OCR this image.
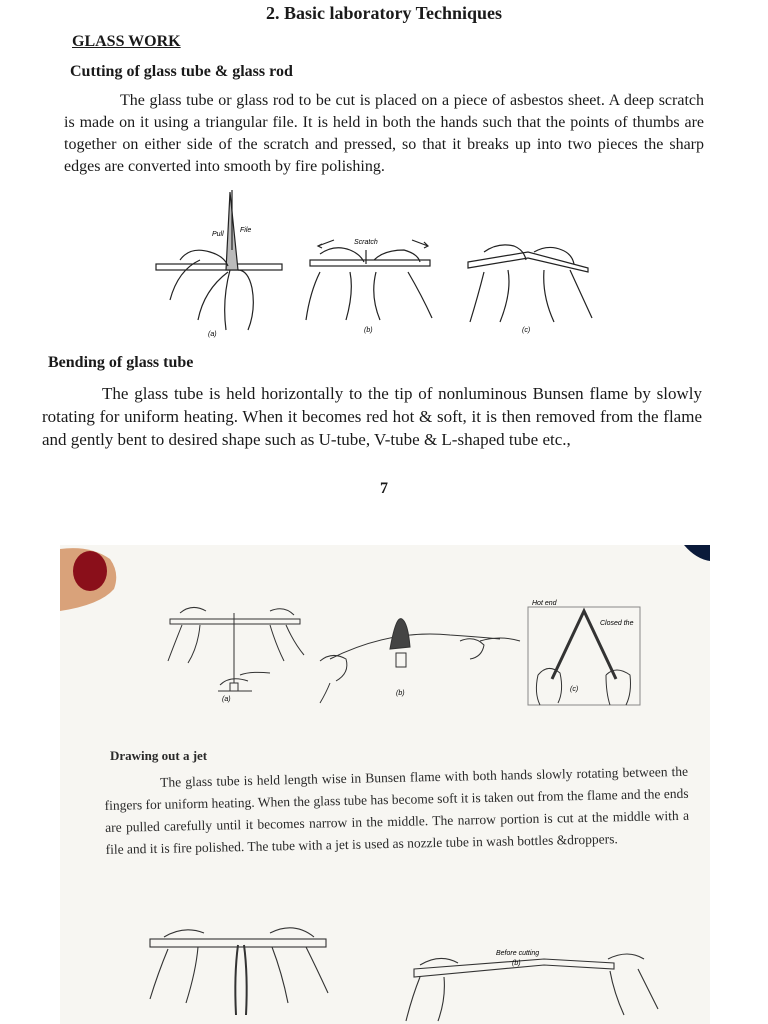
2. Basic laboratory Techniques
GLASS WORK
Cutting of glass tube & glass rod

The glass tube or glass rod to be cut is placed on a piece of asbestos sheet. A deep scratch is made on it using a triangular file. It is held in both the hands such that the points of thumbs are together on either side of the scratch and pressed, so that it breaks up into two pieces the sharp edges are converted into smooth by fire polishing.

Pull
File
Scratch
(a)
(b)	(c)
Bending of glass tube

The glass tube is held horizontally to the tip of nonluminous Bunsen flame by slowly rotating for uniform heating. When it becomes red hot & soft, it is then removed from the flame and gently bent to desired shape such as U-tube, V-tube & L-shaped tube etc.,

7
(a)
(b)
(c)
Hot end
Closed the
Drawing out a jet

The glass tube is held length wise in Bunsen flame with both hands slowly rotating between the fingers for uniform heating. When the glass tube has become soft it is taken out from the flame and the ends are pulled carefully until it becomes narrow in the middle. The narrow portion is cut at the middle with a file and it is fire polished. The tube with a jet is used as nozzle tube in wash bottles &droppers.

Before cutting
(b)
